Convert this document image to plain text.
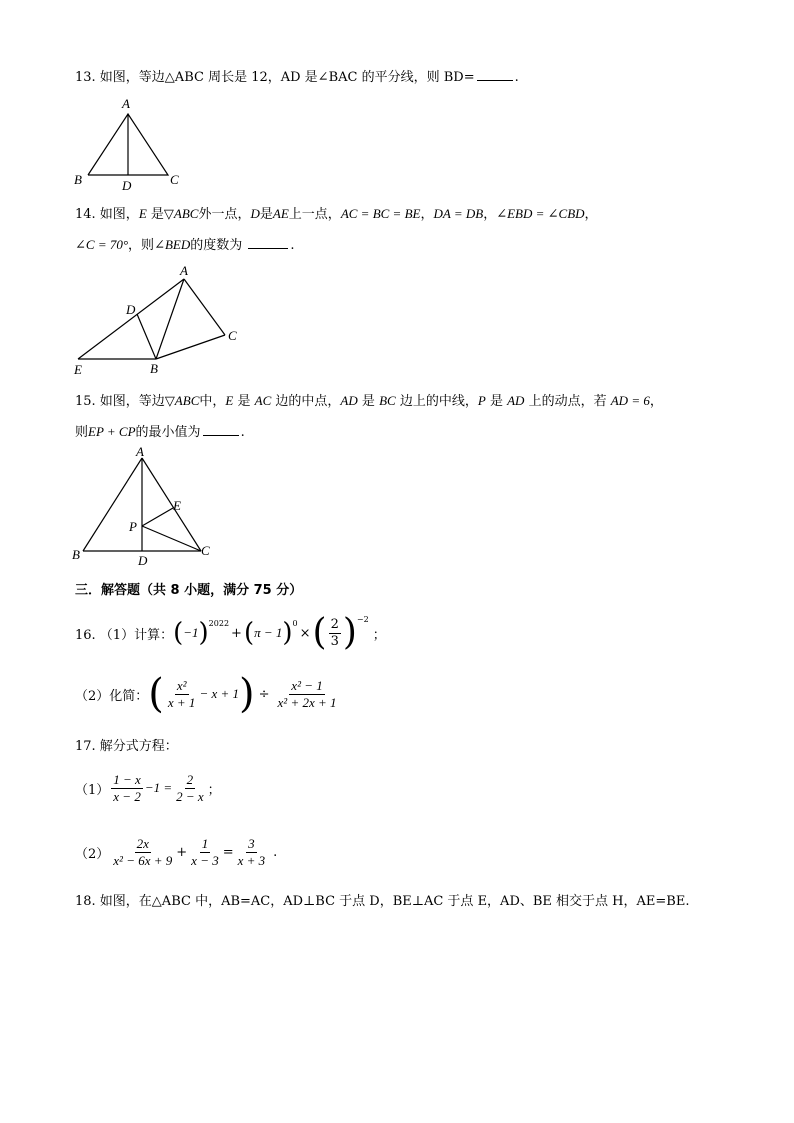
13. 如图，等边△ABC 周长是 12，AD 是∠BAC 的平分线，则 BD=	.
A
B	C
D
14. 如图，E 是▽ABC外一点，D是AE上一点，AC = BC = BE，DA = DB，∠EBD = ∠CBD，
∠C = 70°，则∠BED的度数为	.
A
B
C
D
E
15. 如图，等边▽ABC中，E 是 AC 边的中点，AD 是 BC 边上的中线，P 是 AD 上的动点，若 AD = 6，
则EP + CP的最小值为	.
A
B	C
D
E
P
三．解答题（共 8 小题，满分 75 分）
16. （1）计算： ( −1 )$^{2022}$
+ ( π − 1 )$^0$
× ( $\frac{2}{3} )^{-2}$
；
（2）化简： ( $\frac{\text{x²}}{x + 1} - x + 1$ ) ÷ $\frac{\text{x² − 1}}{\text{x² + 2x + 1}}$
17. 解分式方程：
$(1) \frac{1 - x}{x - 2} -1 = \frac{2}{2 - x}$ ；
$(2) \frac{2x}{\text{x² − 6x + 9}} + \frac{1}{x - 3} = \frac{3}{x + 3}$ .
18. 如图，在△ABC 中，AB=AC，AD⊥BC 于点 D，BE⊥AC 于点 E，AD、BE 相交于点 H，AE=BE.
